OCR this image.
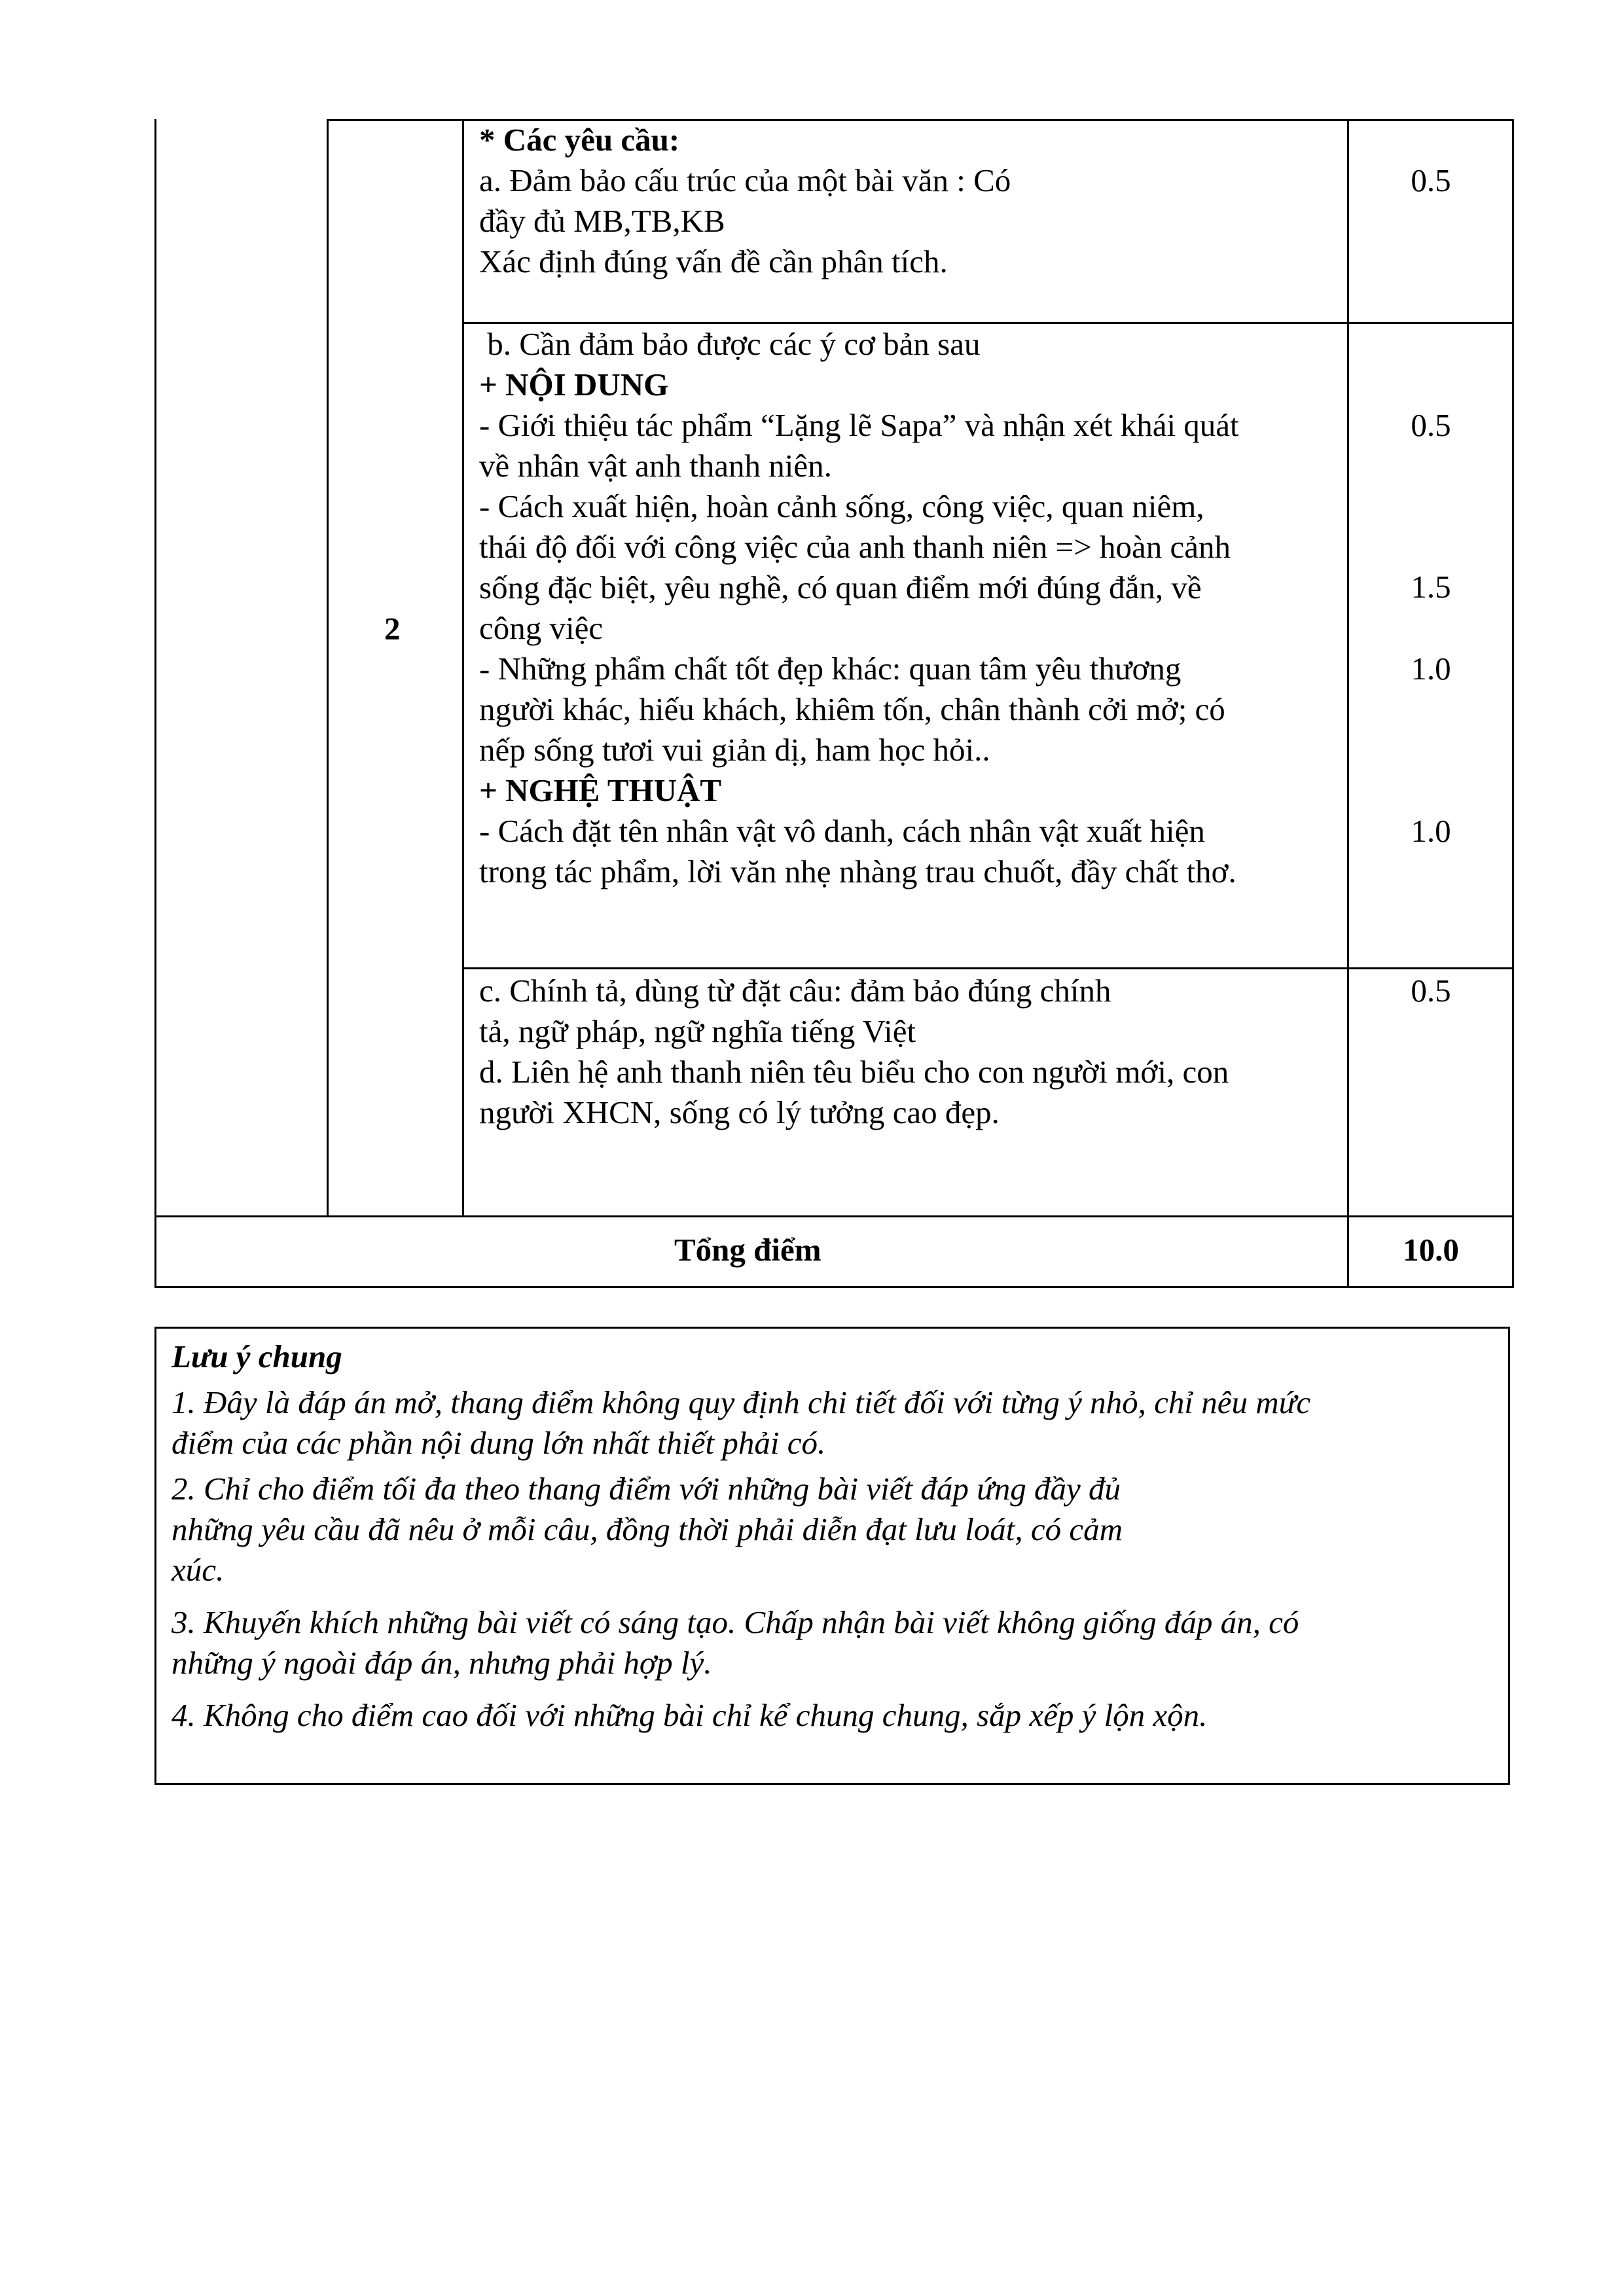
2
* Các yêu cầu:
a. Đảm bảo cấu trúc của một bài văn : Có
đầy đủ MB,TB,KB
Xác định đúng vấn đề cần phân tích.
0.5
b. Cần đảm bảo được các ý cơ bản sau
+ NỘI DUNG
- Giới thiệu tác phẩm “Lặng lẽ Sapa” và nhận xét khái quát
về nhân vật anh thanh niên.
- Cách xuất hiện, hoàn cảnh sống, công việc, quan niêm,
thái độ đối với công việc của anh thanh niên => hoàn cảnh
sống đặc biệt, yêu nghề, có quan điểm mới đúng đắn, về
công việc
- Những phẩm chất tốt đẹp khác: quan tâm yêu thương
người khác, hiếu khách, khiêm tốn, chân thành cởi mở; có
nếp sống tươi vui giản dị, ham học hỏi..
+ NGHỆ THUẬT
- Cách đặt tên nhân vật vô danh, cách nhân vật xuất hiện
trong tác phẩm, lời văn nhẹ nhàng trau chuốt, đầy chất thơ.
0.5
1.5
1.0
1.0
c. Chính tả, dùng từ đặt câu: đảm bảo đúng chính
tả, ngữ pháp, ngữ nghĩa tiếng Việt
d. Liên hệ anh thanh niên têu biểu cho con người mới, con
người XHCN, sống có lý tưởng cao đẹp.
0.5
Tổng điểm	10.0
Lưu ý chung
1. Đây là đáp án mở, thang điểm không quy định chi tiết đối với từng ý nhỏ, chỉ nêu mức
điểm của các phần nội dung lớn nhất thiết phải có.
2. Chỉ cho điểm tối đa theo thang điểm với những bài viết đáp ứng đầy đủ
những yêu cầu đã nêu ở mỗi câu, đồng thời phải diễn đạt lưu loát, có cảm
xúc.
3. Khuyến khích những bài viết có sáng tạo. Chấp nhận bài viết không giống đáp án, có
những ý ngoài đáp án, nhưng phải hợp lý.
4. Không cho điểm cao đối với những bài chỉ kể chung chung, sắp xếp ý lộn xộn.
